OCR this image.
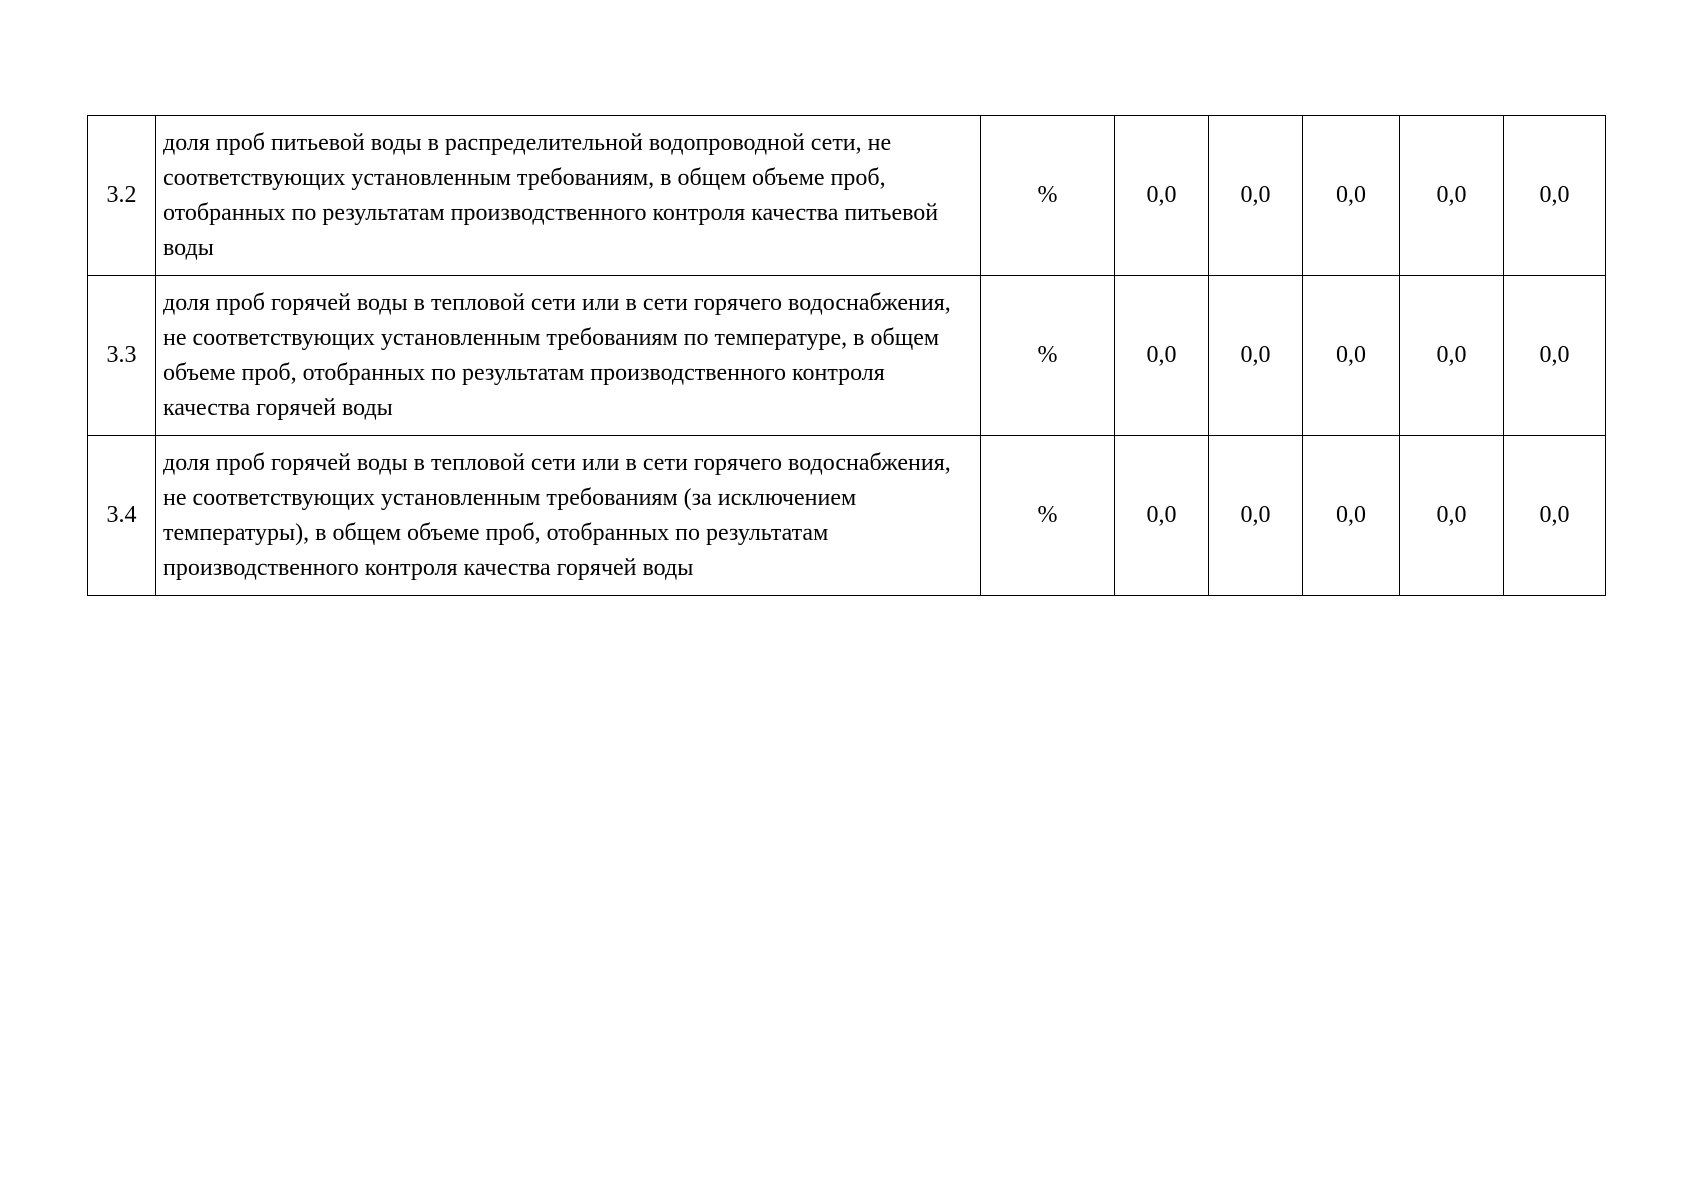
3.2	доля проб питьевой воды в распределительной водопроводной сети, не соответствующих установленным требованиям, в общем объеме проб, отобранных по результатам производственного контроля качества питьевой воды	%	0,0	0,0	0,0	0,0	0,0
3.3	доля проб горячей воды в тепловой сети или в сети горячего водоснабжения, не соответствующих установленным требованиям по температуре, в общем объеме проб, отобранных по результатам производственного контроля качества горячей воды	%	0,0	0,0	0,0	0,0	0,0
3.4	доля проб горячей воды в тепловой сети или в сети горячего водоснабжения, не соответствующих установленным требованиям (за исключением температуры), в общем объеме проб, отобранных по результатам производственного контроля качества горячей воды	%	0,0	0,0	0,0	0,0	0,0
